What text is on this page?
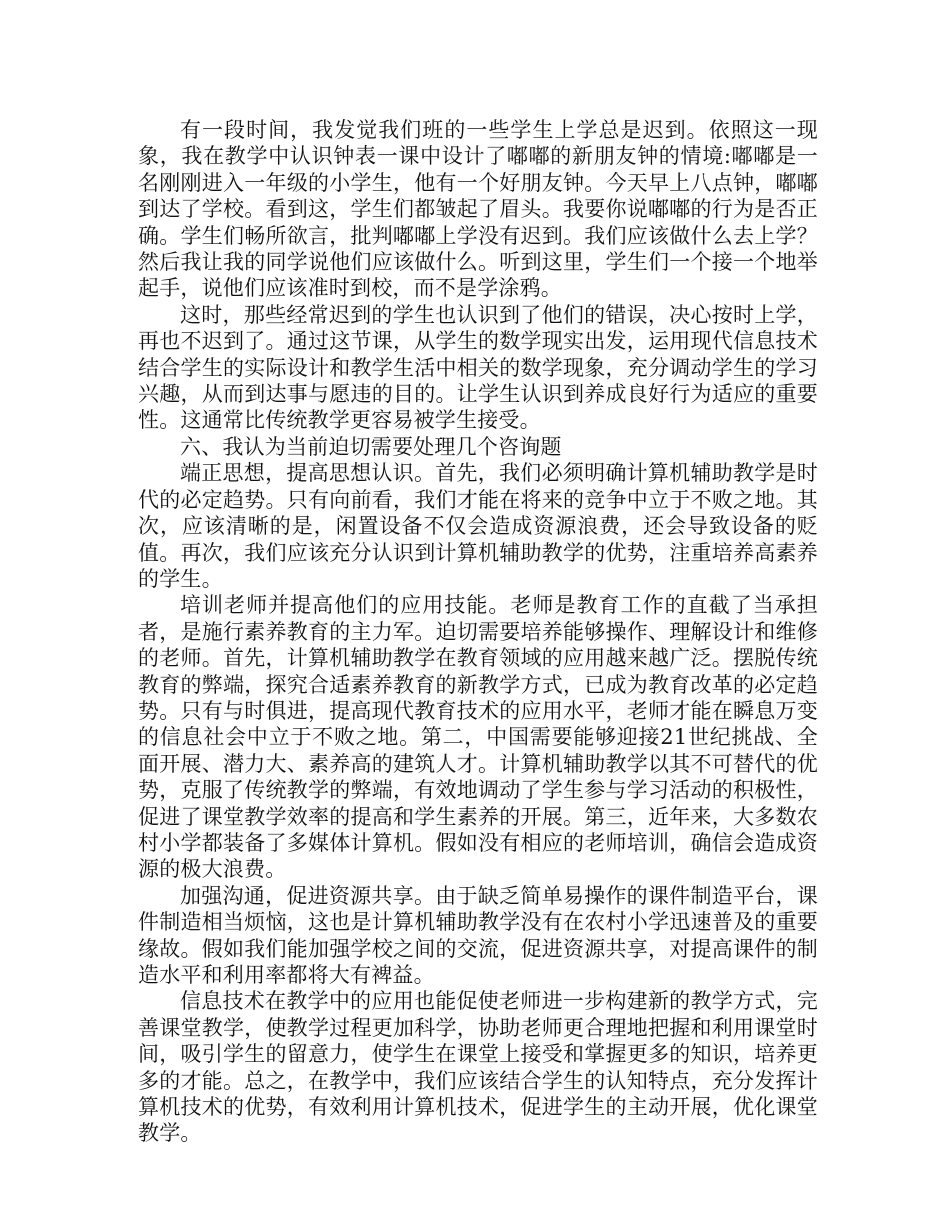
有一段时间，我发觉我们班的一些学生上学总是迟到。依照这一现象，我在教学中认识钟表一课中设计了嘟嘟的新朋友钟的情境:嘟嘟是一名刚刚进入一年级的小学生，他有一个好朋友钟。今天早上八点钟，嘟嘟到达了学校。看到这，学生们都皱起了眉头。我要你说嘟嘟的行为是否正确。学生们畅所欲言，批判嘟嘟上学没有迟到。我们应该做什么去上学？然后我让我的同学说他们应该做什么。听到这里，学生们一个接一个地举起手，说他们应该准时到校，而不是学涂鸦。

这时，那些经常迟到的学生也认识到了他们的错误，决心按时上学，再也不迟到了。通过这节课，从学生的数学现实出发，运用现代信息技术结合学生的实际设计和教学生活中相关的数学现象，充分调动学生的学习兴趣，从而到达事与愿违的目的。让学生认识到养成良好行为适应的重要性。这通常比传统教学更容易被学生接受。

六、我认为当前迫切需要处理几个咨询题

端正思想，提高思想认识。首先，我们必须明确计算机辅助教学是时代的必定趋势。只有向前看，我们才能在将来的竞争中立于不败之地。其次，应该清晰的是，闲置设备不仅会造成资源浪费，还会导致设备的贬值。再次，我们应该充分认识到计算机辅助教学的优势，注重培养高素养的学生。

培训老师并提高他们的应用技能。老师是教育工作的直截了当承担者，是施行素养教育的主力军。迫切需要培养能够操作、理解设计和维修的老师。首先，计算机辅助教学在教育领域的应用越来越广泛。摆脱传统教育的弊端，探究合适素养教育的新教学方式，已成为教育改革的必定趋势。只有与时俱进，提高现代教育技术的应用水平，老师才能在瞬息万变的信息社会中立于不败之地。第二，中国需要能够迎接21世纪挑战、全面开展、潜力大、素养高的建筑人才。计算机辅助教学以其不可替代的优势，克服了传统教学的弊端，有效地调动了学生参与学习活动的积极性，促进了课堂教学效率的提高和学生素养的开展。第三，近年来，大多数农村小学都装备了多媒体计算机。假如没有相应的老师培训，确信会造成资源的极大浪费。

加强沟通，促进资源共享。由于缺乏简单易操作的课件制造平台，课件制造相当烦恼，这也是计算机辅助教学没有在农村小学迅速普及的重要缘故。假如我们能加强学校之间的交流，促进资源共享，对提高课件的制造水平和利用率都将大有裨益。

信息技术在教学中的应用也能促使老师进一步构建新的教学方式，完善课堂教学，使教学过程更加科学，协助老师更合理地把握和利用课堂时间，吸引学生的留意力，使学生在课堂上接受和掌握更多的知识，培养更多的才能。总之，在教学中，我们应该结合学生的认知特点，充分发挥计算机技术的优势，有效利用计算机技术，促进学生的主动开展，优化课堂教学。
